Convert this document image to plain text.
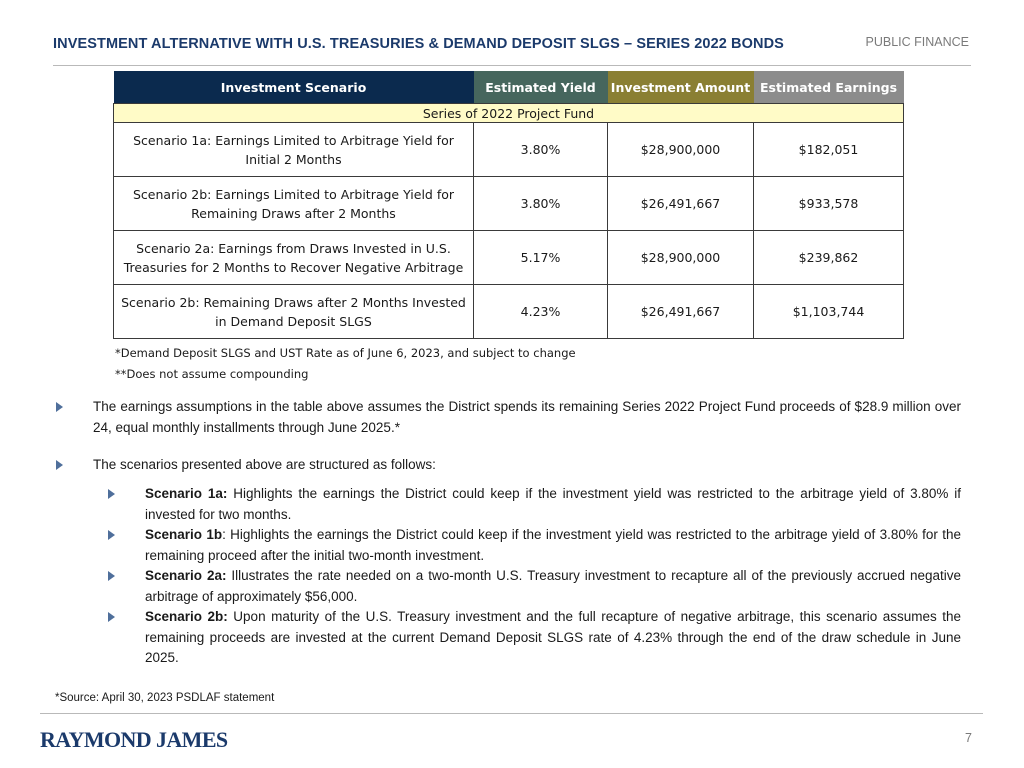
INVESTMENT ALTERNATIVE WITH U.S. TREASURIES & DEMAND DEPOSIT SLGS – SERIES 2022 BONDS	PUBLIC FINANCE
Investment Scenario	Estimated Yield	Investment Amount	Estimated Earnings
Series of 2022 Project Fund			
Scenario 1a: Earnings Limited to Arbitrage Yield for
Initial 2 Months	3.80%	$28,900,000	$182,051
Scenario 2b: Earnings Limited to Arbitrage Yield for
Remaining Draws after 2 Months	3.80%	$26,491,667	$933,578
Scenario 2a: Earnings from Draws Invested in U.S.
Treasuries for 2 Months to Recover Negative Arbitrage	5.17%	$28,900,000	$239,862
Scenario 2b: Remaining Draws after 2 Months Invested
in Demand Deposit SLGS	4.23%	$26,491,667	$1,103,744
*Demand Deposit SLGS and UST Rate as of June 6, 2023, and subject to change
**Does not assume compounding
The earnings assumptions in the table above assumes the District spends its remaining Series 2022 Project Fund proceeds of $28.9 million over 24, equal monthly installments through June 2025.*
The scenarios presented above are structured as follows:
Scenario 1a: Highlights the earnings the District could keep if the investment yield was restricted to the arbitrage yield of 3.80% if invested for two months.
Scenario 1b: Highlights the earnings the District could keep if the investment yield was restricted to the arbitrage yield of 3.80% for the remaining proceed after the initial two-month investment.
Scenario 2a: Illustrates the rate needed on a two-month U.S. Treasury investment to recapture all of the previously accrued negative arbitrage of approximately $56,000.
Scenario 2b: Upon maturity of the U.S. Treasury investment and the full recapture of negative arbitrage, this scenario assumes the remaining proceeds are invested at the current Demand Deposit SLGS rate of 4.23% through the end of the draw schedule in June 2025.
*Source: April 30, 2023 PSDLAF statement
RAYMOND JAMES	7
